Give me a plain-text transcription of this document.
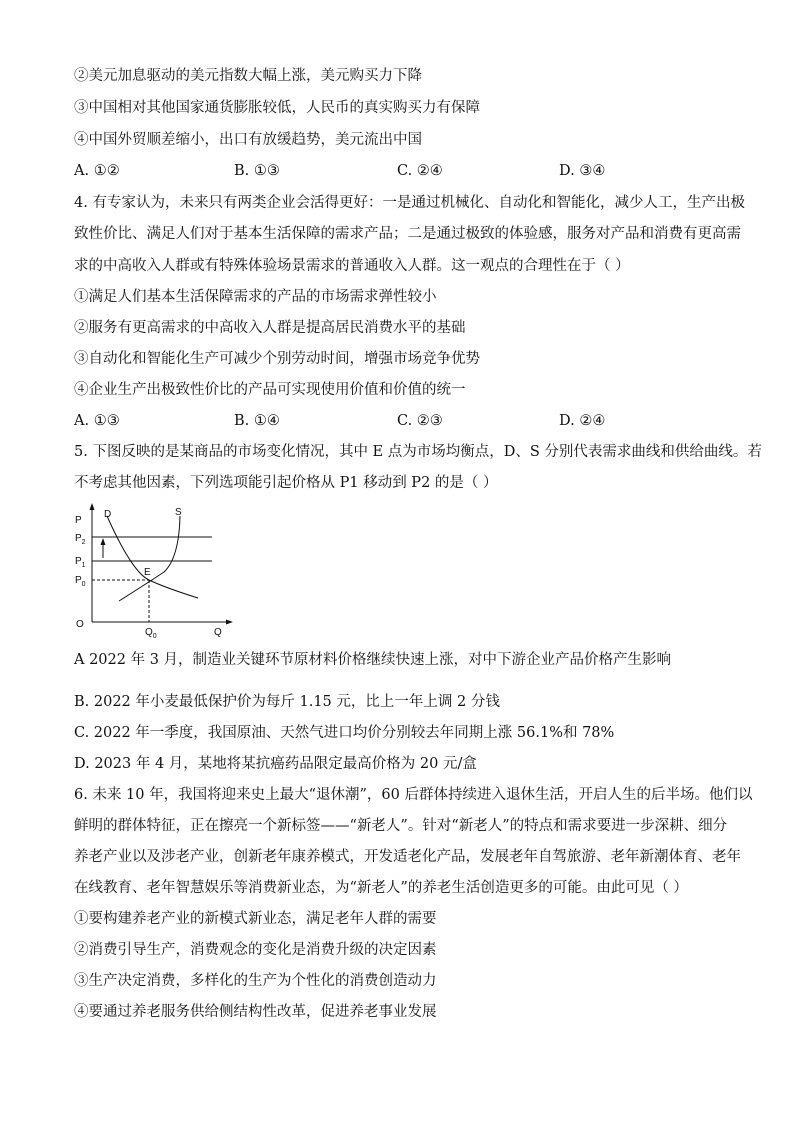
②美元加息驱动的美元指数大幅上涨，美元购买力下降
③中国相对其他国家通货膨胀较低，人民币的真实购买力有保障
④中国外贸顺差缩小，出口有放缓趋势，美元流出中国
A. ①②	B. ①③	C. ②④	D. ③④
4. 有专家认为，未来只有两类企业会活得更好：一是通过机械化、自动化和智能化，减少人工，生产出极
致性价比、满足人们对于基本生活保障的需求产品；二是通过极致的体验感，服务对产品和消费有更高需
求的中高收入人群或有特殊体验场景需求的普通收入人群。这一观点的合理性在于（ ）
①满足人们基本生活保障需求的产品的市场需求弹性较小
②服务有更高需求的中高收入人群是提高居民消费水平的基础
③自动化和智能化生产可减少个别劳动时间，增强市场竞争优势
④企业生产出极致性价比的产品可实现使用价值和价值的统一
A. ①③	B. ①④	C. ②③	D. ②④
5. 下图反映的是某商品的市场变化情况，其中 E 点为市场均衡点，D、S 分别代表需求曲线和供给曲线。若
不考虑其他因素，下列选项能引起价格从 P1 移动到 P2 的是（ ）
P
Q
O
D	S
E
$P_2$
$P_1$
$P_0$
$Q_0$
A 2022 年 3 月，制造业关键环节原材料价格继续快速上涨，对中下游企业产品价格产生影响
B. 2022 年小麦最低保护价为每斤 1.15 元，比上一年上调 2 分钱
C. 2022 年一季度，我国原油、天然气进口均价分别较去年同期上涨 56.1%和 78%
D. 2023 年 4 月，某地将某抗癌药品限定最高价格为 20 元/盒
6. 未来 10 年，我国将迎来史上最大“退休潮”，60 后群体持续进入退休生活，开启人生的后半场。他们以
鲜明的群体特征，正在擦亮一个新标签——“新老人”。针对“新老人”的特点和需求要进一步深耕、细分
养老产业以及涉老产业，创新老年康养模式，开发适老化产品，发展老年自驾旅游、老年新潮体育、老年
在线教育、老年智慧娱乐等消费新业态，为“新老人”的养老生活创造更多的可能。由此可见（ ）
①要构建养老产业的新模式新业态，满足老年人群的需要
②消费引导生产，消费观念的变化是消费升级的决定因素
③生产决定消费，多样化的生产为个性化的消费创造动力
④要通过养老服务供给侧结构性改革，促进养老事业发展
